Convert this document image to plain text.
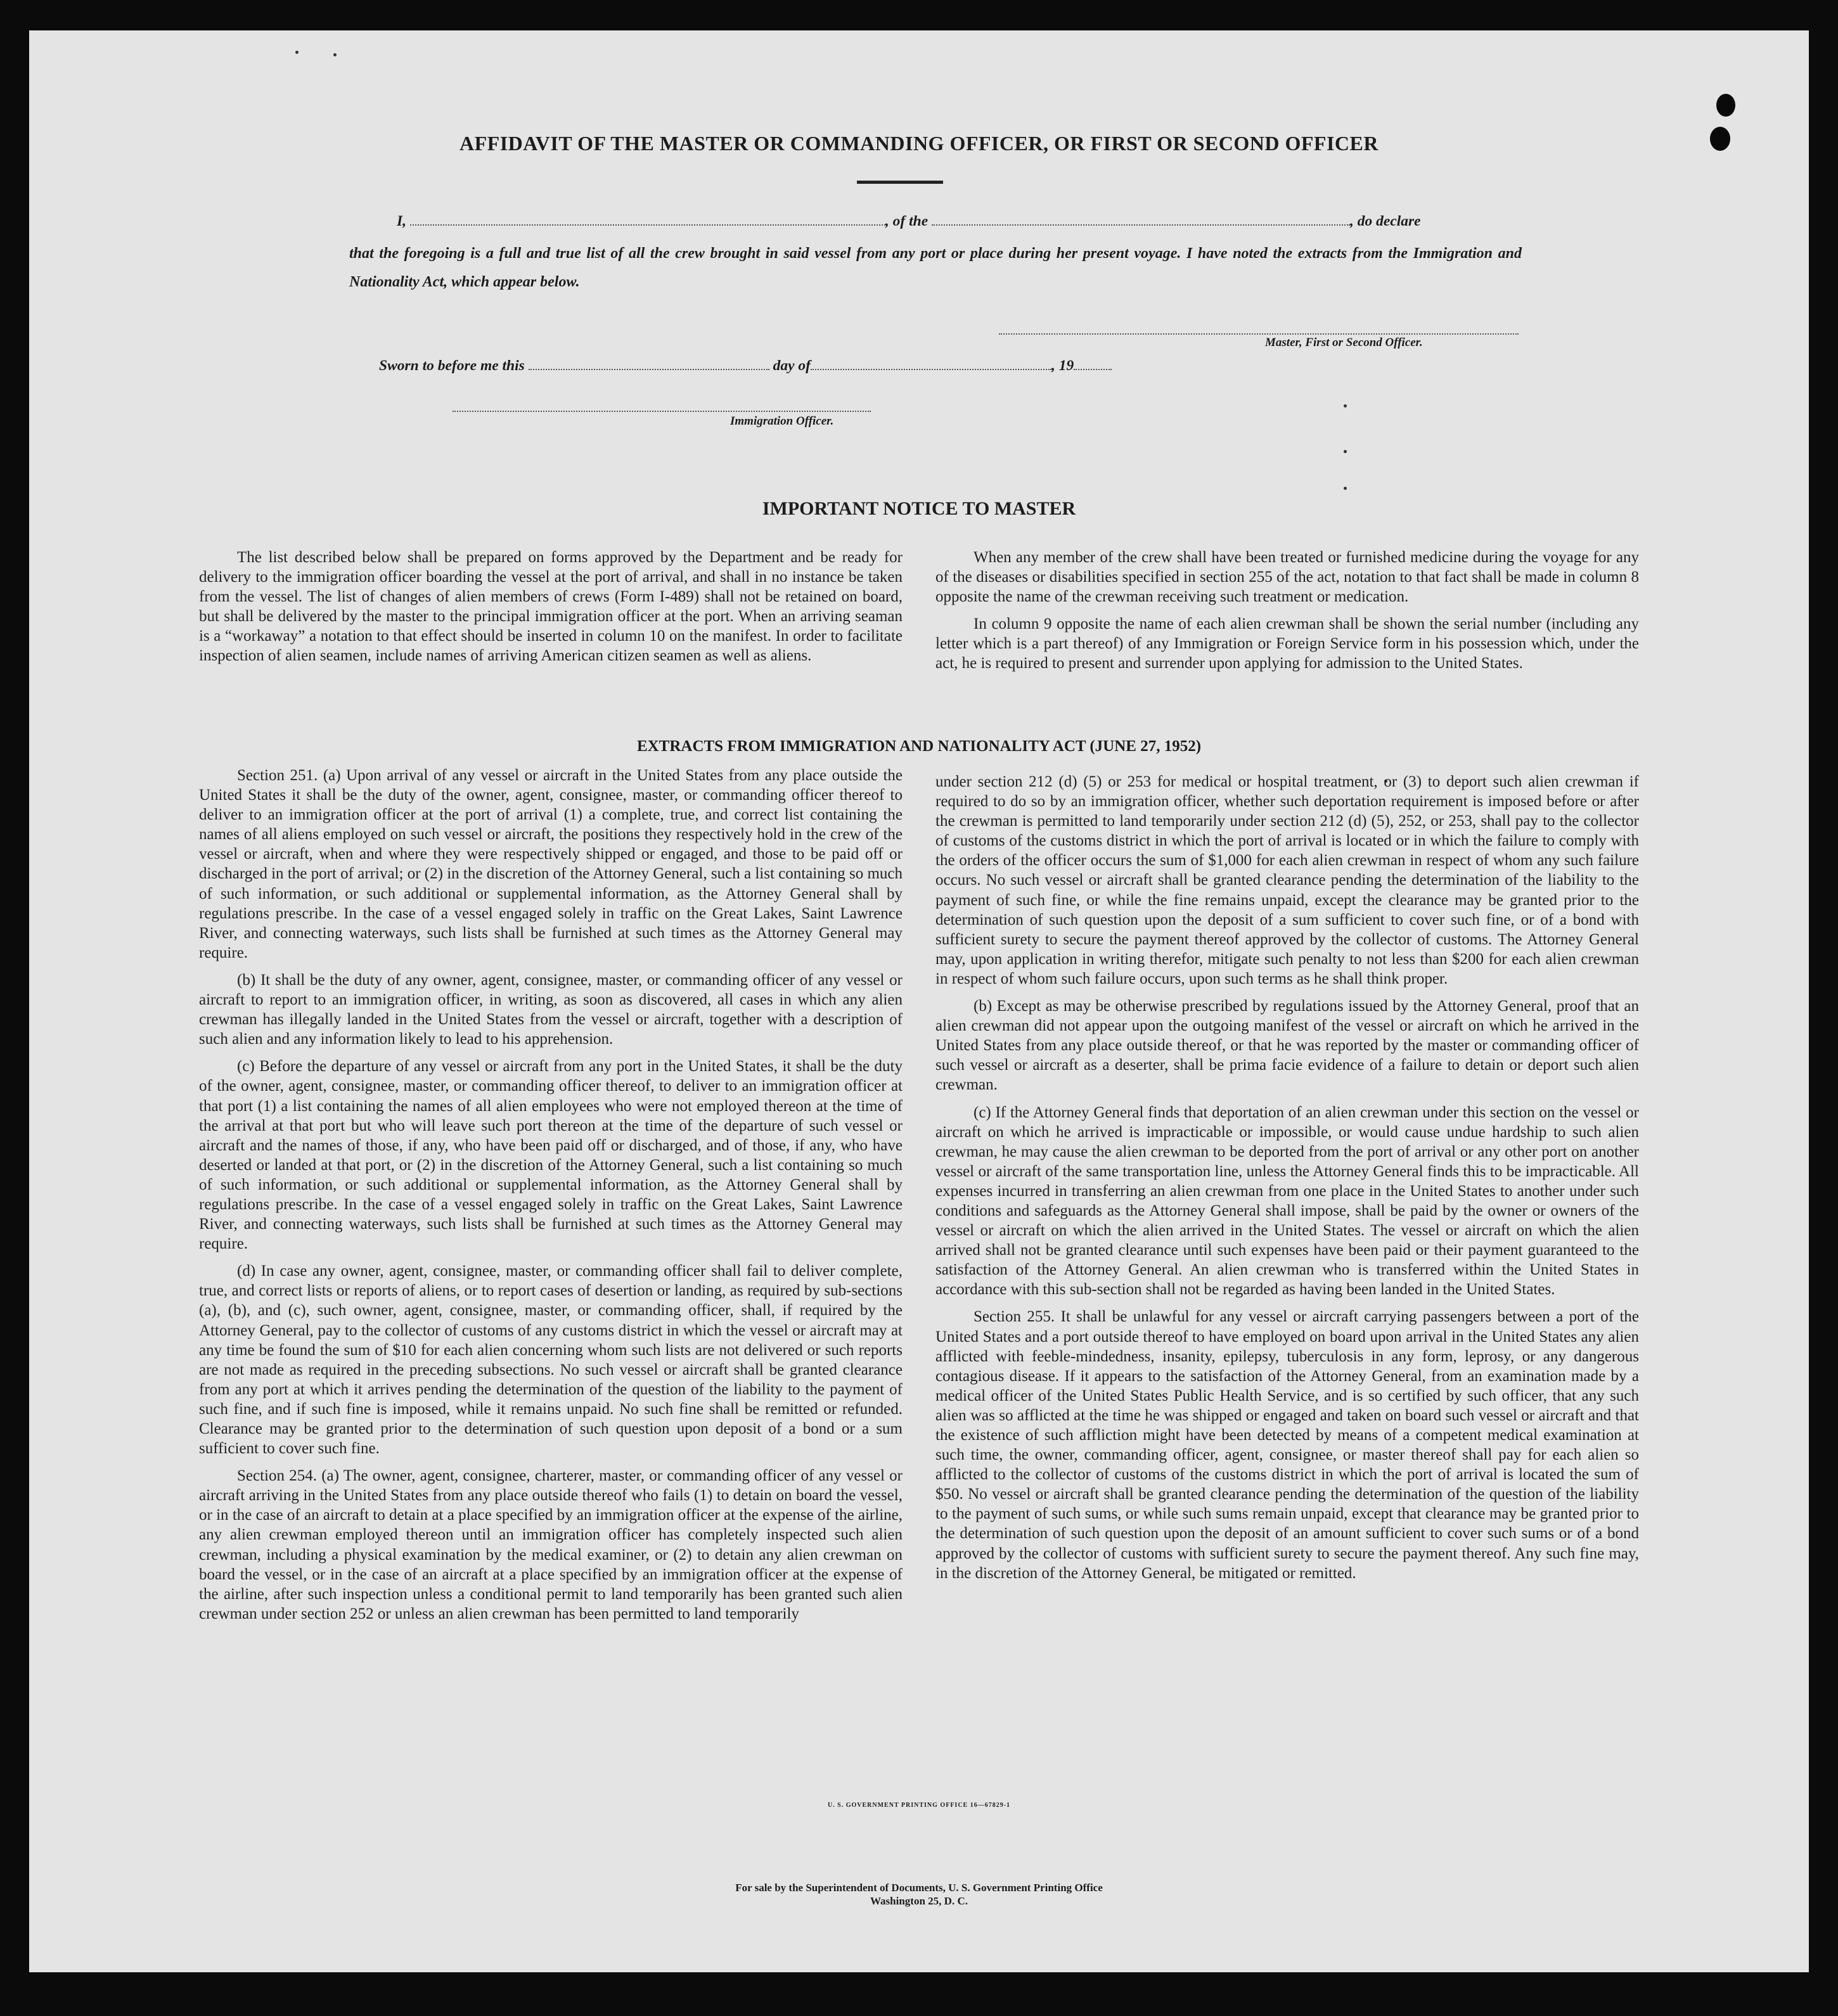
AFFIDAVIT OF THE MASTER OR COMMANDING OFFICER, OR FIRST OR SECOND OFFICER
I,	, of the	, do declare
that the foregoing is a full and true list of all the crew brought in said vessel from any port or place during her present voyage. I have noted the extracts from the Immigration and Nationality Act, which appear below.
Master, First or Second Officer.
Sworn to before me this	day of	, 19
Immigration Officer.
IMPORTANT NOTICE TO MASTER

The list described below shall be prepared on forms approved by the Department and be ready for delivery to the immigration officer boarding the vessel at the port of arrival, and shall in no instance be taken from the vessel. The list of changes of alien members of crews (Form I-489) shall not be retained on board, but shall be delivered by the master to the principal immigration officer at the port. When an arriving seaman is a “workaway” a notation to that effect should be inserted in column 10 on the manifest. In order to facilitate inspection of alien seamen, include names of arriving American citizen seamen as well as aliens.

When any member of the crew shall have been treated or furnished medicine during the voyage for any of the diseases or disabilities specified in section 255 of the act, notation to that fact shall be made in column 8 opposite the name of the crewman receiving such treatment or medication.

In column 9 opposite the name of each alien crewman shall be shown the serial number (including any letter which is a part thereof) of any Immigration or Foreign Service form in his possession which, under the act, he is required to present and surrender upon applying for admission to the United States.

EXTRACTS FROM IMMIGRATION AND NATIONALITY ACT (JUNE 27, 1952)

Section 251. (a) Upon arrival of any vessel or aircraft in the United States from any place outside the United States it shall be the duty of the owner, agent, consignee, master, or commanding officer thereof to deliver to an immigration officer at the port of arrival (1) a complete, true, and correct list containing the names of all aliens employed on such vessel or aircraft, the positions they respectively hold in the crew of the vessel or aircraft, when and where they were respectively shipped or engaged, and those to be paid off or discharged in the port of arrival; or (2) in the discretion of the Attorney General, such a list containing so much of such information, or such additional or supplemental information, as the Attorney General shall by regulations prescribe. In the case of a vessel engaged solely in traffic on the Great Lakes, Saint Lawrence River, and connecting waterways, such lists shall be furnished at such times as the Attorney General may require.

(b) It shall be the duty of any owner, agent, consignee, master, or commanding officer of any vessel or aircraft to report to an immigration officer, in writing, as soon as discovered, all cases in which any alien crewman has illegally landed in the United States from the vessel or aircraft, together with a description of such alien and any information likely to lead to his apprehension.

(c) Before the departure of any vessel or aircraft from any port in the United States, it shall be the duty of the owner, agent, consignee, master, or commanding officer thereof, to deliver to an immigration officer at that port (1) a list containing the names of all alien employees who were not employed thereon at the time of the arrival at that port but who will leave such port thereon at the time of the departure of such vessel or aircraft and the names of those, if any, who have been paid off or discharged, and of those, if any, who have deserted or landed at that port, or (2) in the discretion of the Attorney General, such a list containing so much of such information, or such additional or supplemental information, as the Attorney General shall by regulations prescribe. In the case of a vessel engaged solely in traffic on the Great Lakes, Saint Lawrence River, and connecting waterways, such lists shall be furnished at such times as the Attorney General may require.

(d) In case any owner, agent, consignee, master, or commanding officer shall fail to deliver complete, true, and correct lists or reports of aliens, or to report cases of desertion or landing, as required by sub-sections (a), (b), and (c), such owner, agent, consignee, master, or commanding officer, shall, if required by the Attorney General, pay to the collector of customs of any customs district in which the vessel or aircraft may at any time be found the sum of $10 for each alien concerning whom such lists are not delivered or such reports are not made as required in the preceding subsections. No such vessel or aircraft shall be granted clearance from any port at which it arrives pending the determination of the question of the liability to the payment of such fine, and if such fine is imposed, while it remains unpaid. No such fine shall be remitted or refunded. Clearance may be granted prior to the determination of such question upon deposit of a bond or a sum sufficient to cover such fine.

Section 254. (a) The owner, agent, consignee, charterer, master, or commanding officer of any vessel or aircraft arriving in the United States from any place outside thereof who fails (1) to detain on board the vessel, or in the case of an aircraft to detain at a place specified by an immigration officer at the expense of the airline, any alien crewman employed thereon until an immigration officer has completely inspected such alien crewman, including a physical examination by the medical examiner, or (2) to detain any alien crewman on board the vessel, or in the case of an aircraft at a place specified by an immigration officer at the expense of the airline, after such inspection unless a conditional permit to land temporarily has been granted such alien crewman under section 252 or unless an alien crewman has been permitted to land temporarily

under section 212 (d) (5) or 253 for medical or hospital treatment, or (3) to deport such alien crewman if required to do so by an immigration officer, whether such deportation requirement is imposed before or after the crewman is permitted to land temporarily under section 212 (d) (5), 252, or 253, shall pay to the collector of customs of the customs district in which the port of arrival is located or in which the failure to comply with the orders of the officer occurs the sum of $1,000 for each alien crewman in respect of whom any such failure occurs. No such vessel or aircraft shall be granted clearance pending the determination of the liability to the payment of such fine, or while the fine remains unpaid, except the clearance may be granted prior to the determination of such question upon the deposit of a sum sufficient to cover such fine, or of a bond with sufficient surety to secure the payment thereof approved by the collector of customs. The Attorney General may, upon application in writing therefor, mitigate such penalty to not less than $200 for each alien crewman in respect of whom such failure occurs, upon such terms as he shall think proper.

(b) Except as may be otherwise prescribed by regulations issued by the Attorney General, proof that an alien crewman did not appear upon the outgoing manifest of the vessel or aircraft on which he arrived in the United States from any place outside thereof, or that he was reported by the master or commanding officer of such vessel or aircraft as a deserter, shall be prima facie evidence of a failure to detain or deport such alien crewman.

(c) If the Attorney General finds that deportation of an alien crewman under this section on the vessel or aircraft on which he arrived is impracticable or impossible, or would cause undue hardship to such alien crewman, he may cause the alien crewman to be deported from the port of arrival or any other port on another vessel or aircraft of the same transportation line, unless the Attorney General finds this to be impracticable. All expenses incurred in transferring an alien crewman from one place in the United States to another under such conditions and safeguards as the Attorney General shall impose, shall be paid by the owner or owners of the vessel or aircraft on which the alien arrived in the United States. The vessel or aircraft on which the alien arrived shall not be granted clearance until such expenses have been paid or their payment guaranteed to the satisfaction of the Attorney General. An alien crewman who is transferred within the United States in accordance with this sub-section shall not be regarded as having been landed in the United States.

Section 255. It shall be unlawful for any vessel or aircraft carrying passengers between a port of the United States and a port outside thereof to have employed on board upon arrival in the United States any alien afflicted with feeble-mindedness, insanity, epilepsy, tuberculosis in any form, leprosy, or any dangerous contagious disease. If it appears to the satisfaction of the Attorney General, from an examination made by a medical officer of the United States Public Health Service, and is so certified by such officer, that any such alien was so afflicted at the time he was shipped or engaged and taken on board such vessel or aircraft and that the existence of such affliction might have been detected by means of a competent medical examination at such time, the owner, commanding officer, agent, consignee, or master thereof shall pay for each alien so afflicted to the collector of customs of the customs district in which the port of arrival is located the sum of $50. No vessel or aircraft shall be granted clearance pending the determination of the question of the liability to the payment of such sums, or while such sums remain unpaid, except that clearance may be granted prior to the determination of such question upon the deposit of an amount sufficient to cover such sums or of a bond approved by the collector of customs with sufficient surety to secure the payment thereof. Any such fine may, in the discretion of the Attorney General, be mitigated or remitted.

U. S. GOVERNMENT PRINTING OFFICE 16—67829-1
For sale by the Superintendent of Documents, U. S. Government Printing Office
Washington 25, D. C.
